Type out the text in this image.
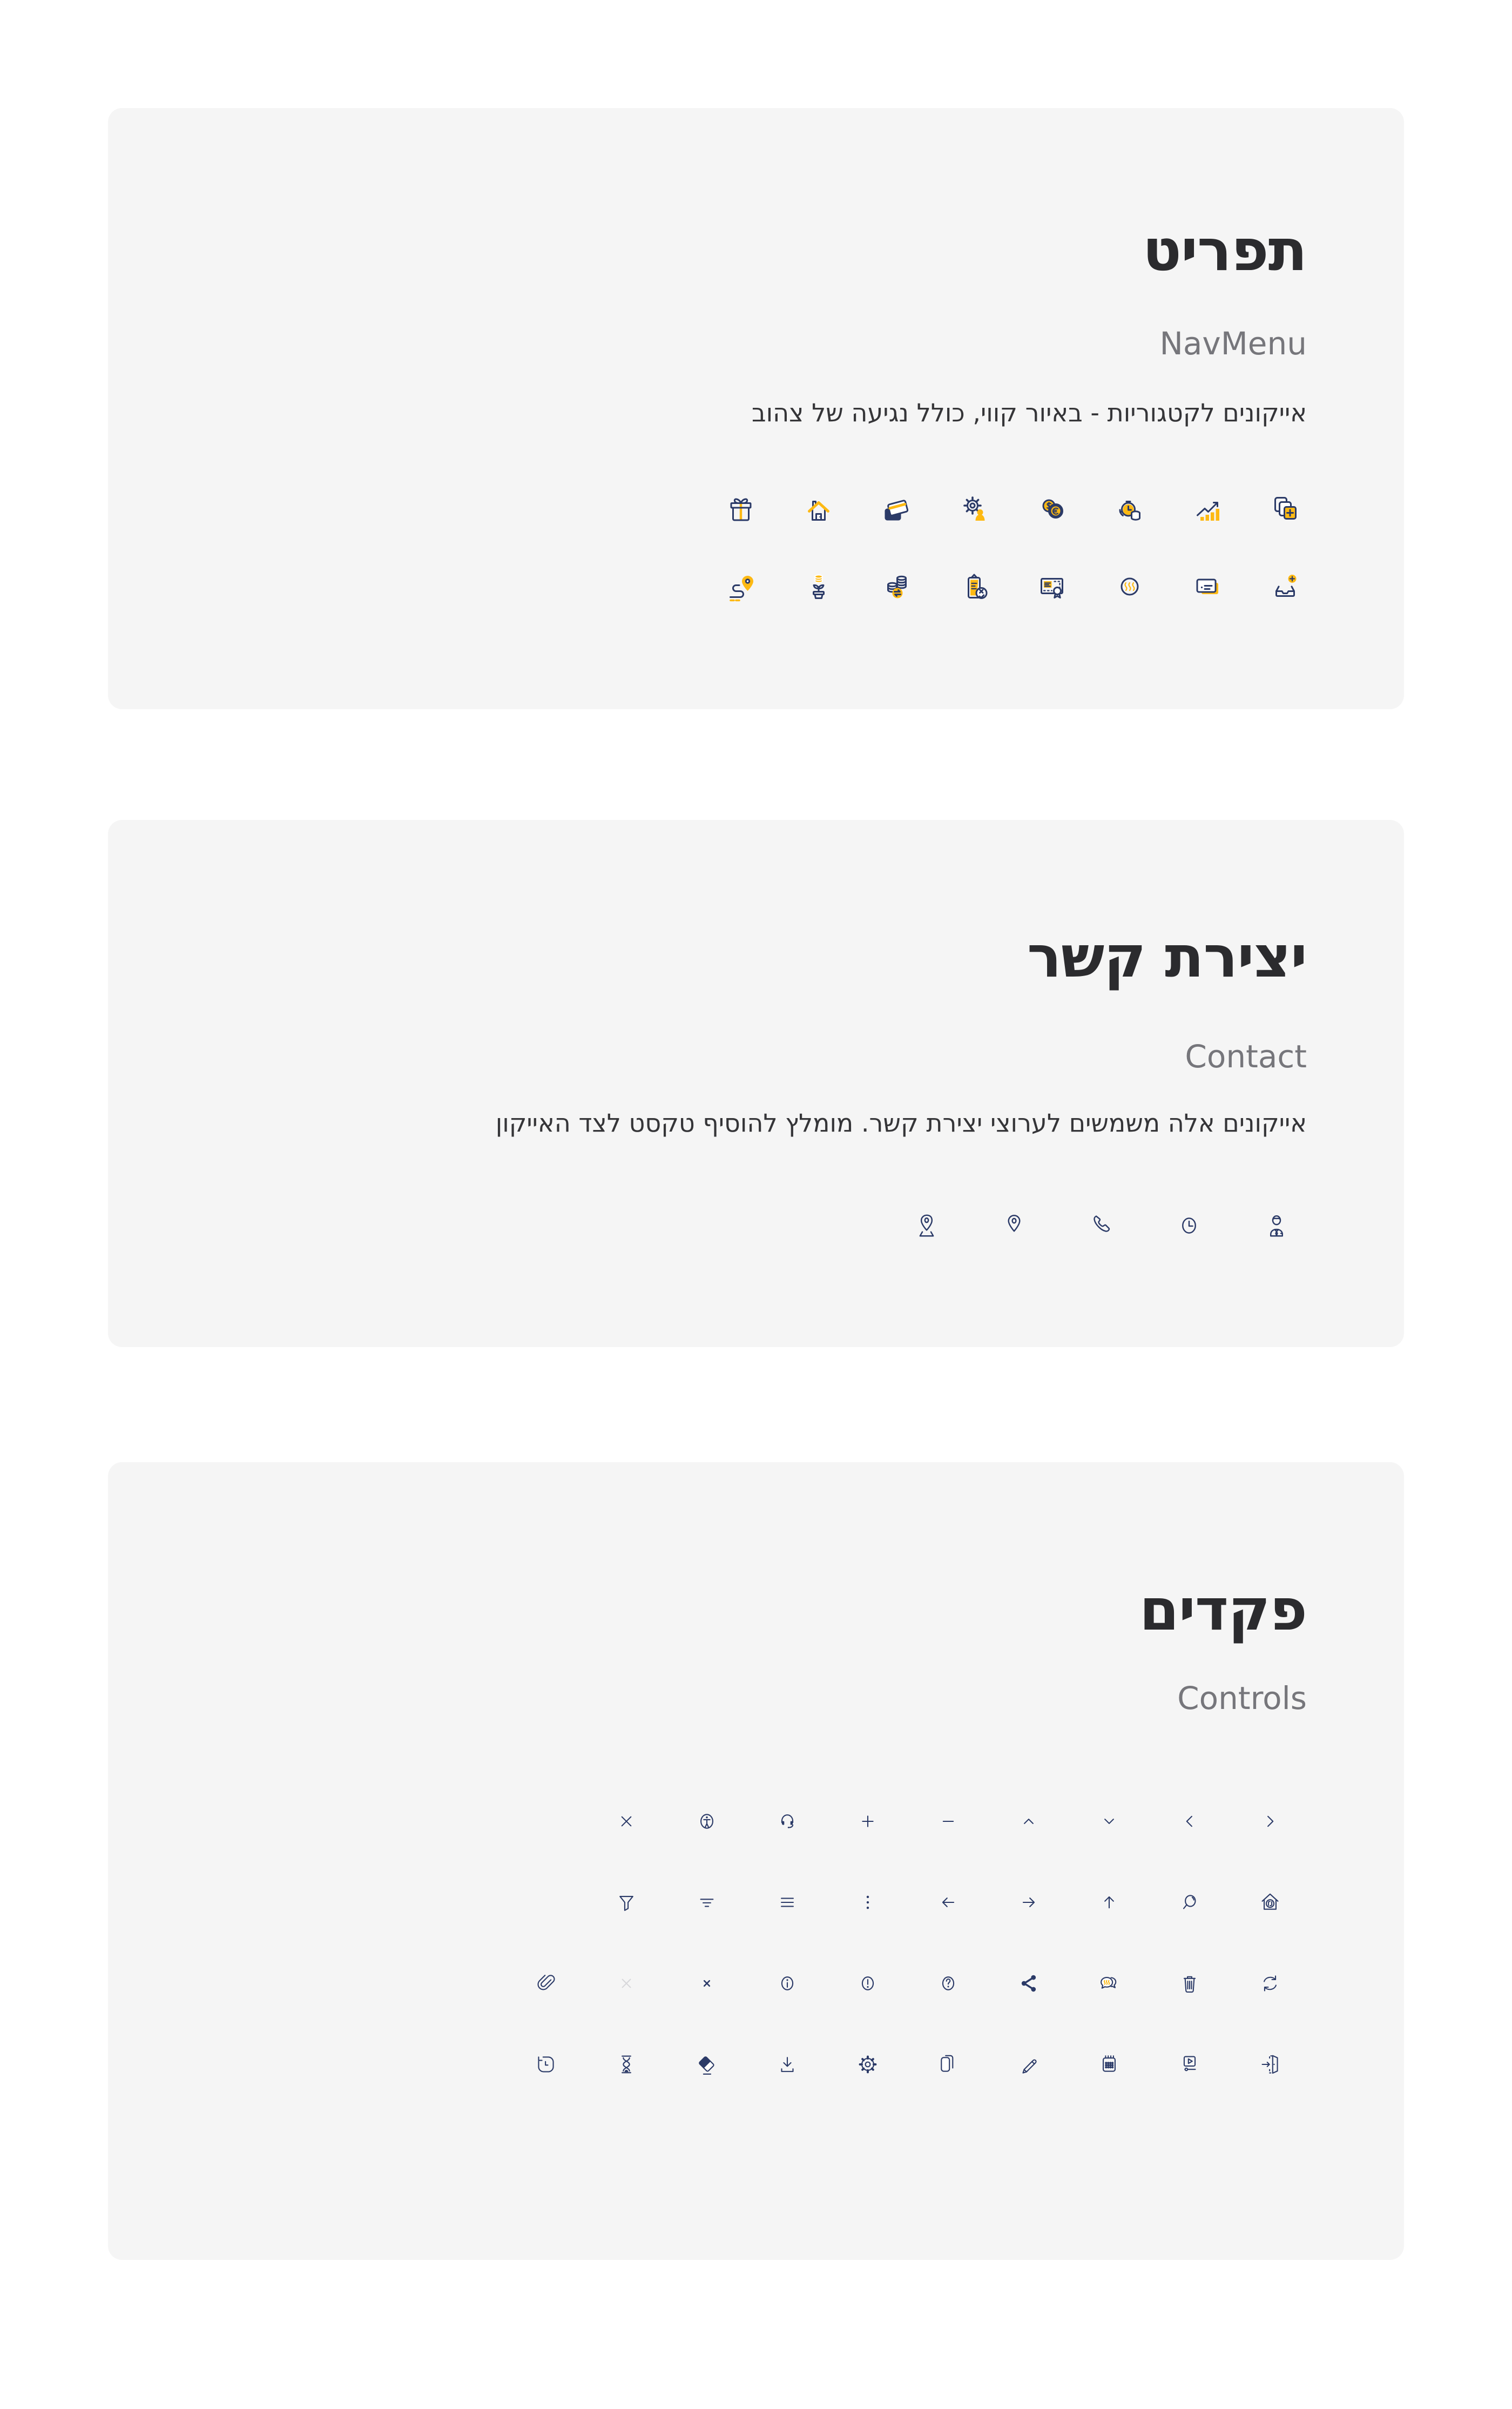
תפריט
NavMenu

אייקונים לקטגוריות - באיור קווי, כולל נגיעה של צהוב

יצירת קשר
Contact

אייקונים אלה משמשים לערוצי יצירת קשר. מומלץ להוסיף טקסט לצד האייקון

פקדים
Controls
